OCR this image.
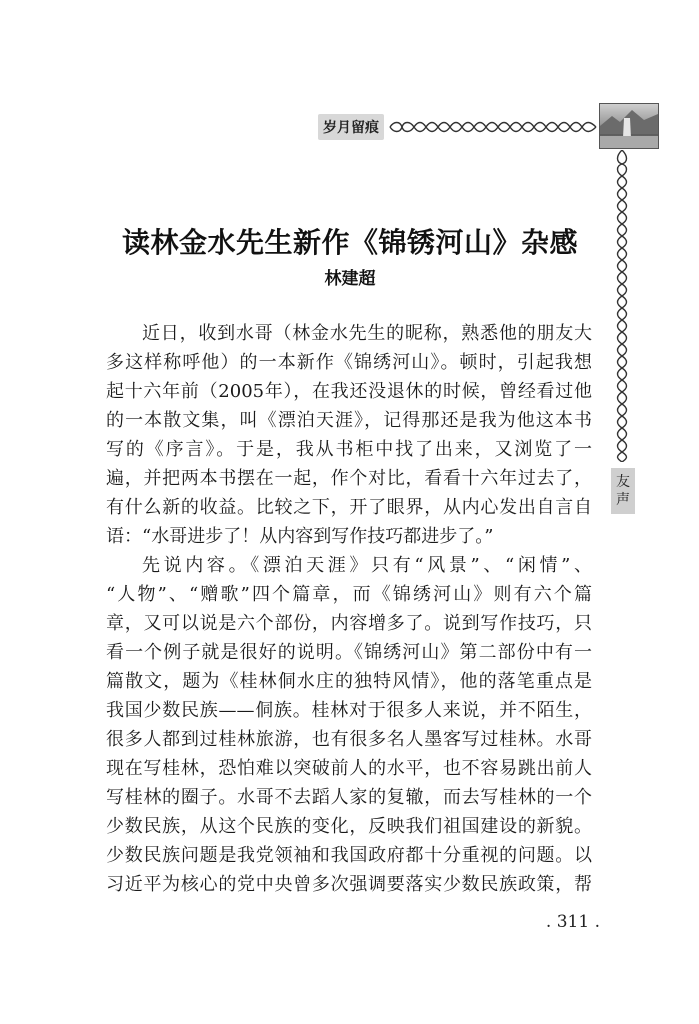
岁月留痕
友
声
读林金水先生新作《锦锈河山》杂感
林建超
近日，收到水哥（林金水先生的昵称，熟悉他的朋友大
多这样称呼他）的一本新作《锦绣河山》。顿时，引起我想
起十六年前（2005年），在我还没退休的时候，曾经看过他
的一本散文集，叫《漂泊天涯》，记得那还是我为他这本书
写的《序言》。于是，我从书柜中找了出来，又浏览了一
遍，并把两本书摆在一起，作个对比，看看十六年过去了，
有什么新的收益。比较之下，开了眼界，从内心发出自言自
语：“水哥进步了！从内容到写作技巧都进步了。”
先说内容。《漂泊天涯》只有“风景”、“闲情”、
“人物”、“赠歌”四个篇章，而《锦绣河山》则有六个篇
章，又可以说是六个部份，内容增多了。说到写作技巧，只
看一个例子就是很好的说明。《锦绣河山》第二部份中有一
篇散文，题为《桂林侗水庄的独特风情》，他的落笔重点是
我国少数民族——侗族。桂林对于很多人来说，并不陌生，
很多人都到过桂林旅游，也有很多名人墨客写过桂林。水哥
现在写桂林，恐怕难以突破前人的水平，也不容易跳出前人
写桂林的圈子。水哥不去蹈人家的复辙，而去写桂林的一个
少数民族，从这个民族的变化，反映我们祖国建设的新貌。
少数民族问题是我党领袖和我国政府都十分重视的问题。以
习近平为核心的党中央曾多次强调要落实少数民族政策，帮
. 311 .
